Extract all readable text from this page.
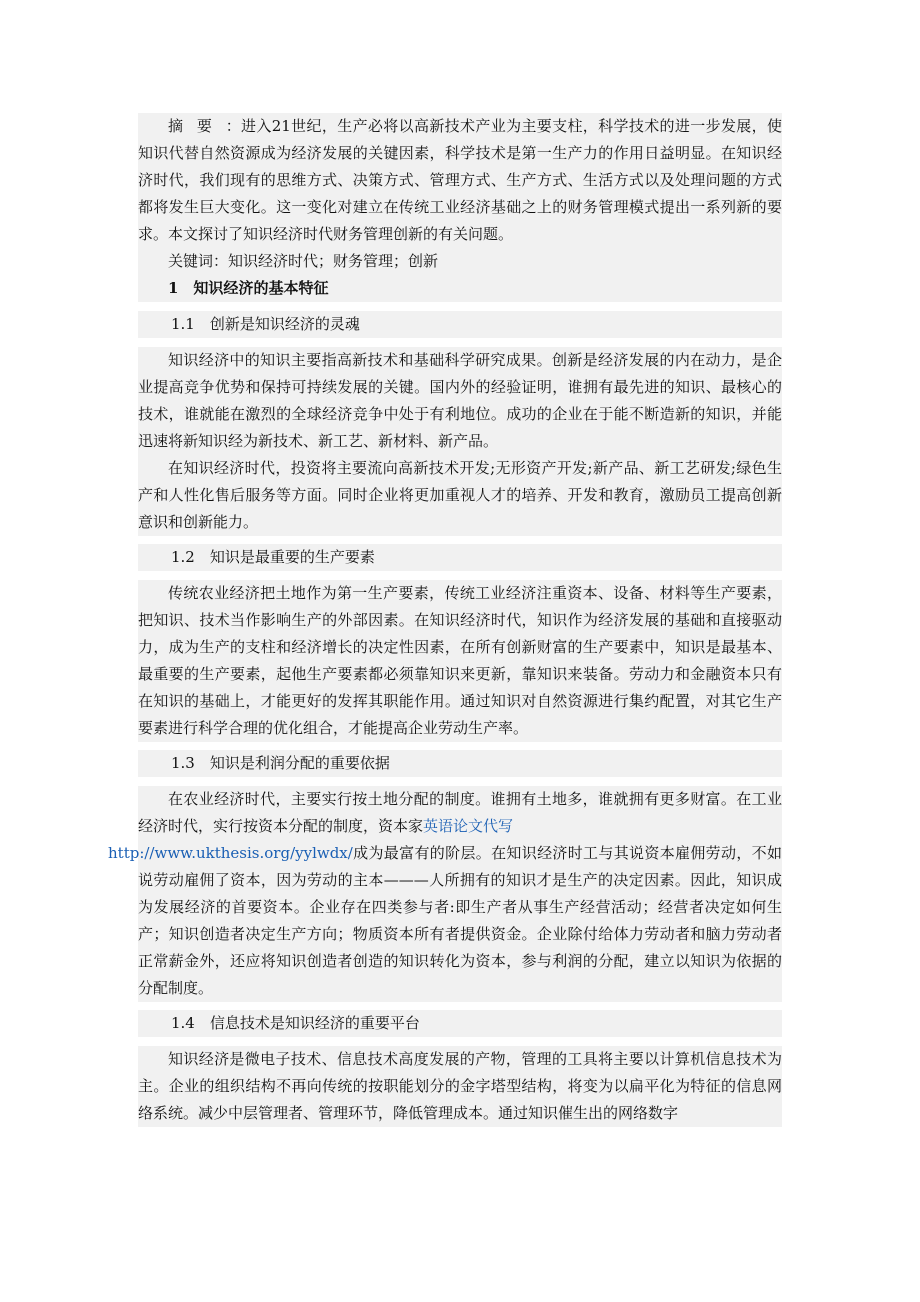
摘要：进入21世纪，生产必将以高新技术产业为主要支柱，科学技术的进一步发展，使知识代替自然资源成为经济发展的关键因素，科学技术是第一生产力的作用日益明显。在知识经济时代，我们现有的思维方式、决策方式、管理方式、生产方式、生活方式以及处理问题的方式都将发生巨大变化。这一变化对建立在传统工业经济基础之上的财务管理模式提出一系列新的要求。本文探讨了知识经济时代财务管理创新的有关问题。

关键词：知识经济时代；财务管理；创新

1　知识经济的基本特征

1.1　创新是知识经济的灵魂

知识经济中的知识主要指高新技术和基础科学研究成果。创新是经济发展的内在动力，是企业提高竞争优势和保持可持续发展的关键。国内外的经验证明，谁拥有最先进的知识、最核心的技术，谁就能在激烈的全球经济竞争中处于有利地位。成功的企业在于能不断造新的知识，并能迅速将新知识经为新技术、新工艺、新材料、新产品。

在知识经济时代，投资将主要流向高新技术开发;无形资产开发;新产品、新工艺研发;绿色生产和人性化售后服务等方面。同时企业将更加重视人才的培养、开发和教育，激励员工提高创新意识和创新能力。

1.2　知识是最重要的生产要素

传统农业经济把土地作为第一生产要素，传统工业经济注重资本、设备、材料等生产要素，把知识、技术当作影响生产的外部因素。在知识经济时代，知识作为经济发展的基础和直接驱动力，成为生产的支柱和经济增长的决定性因素，在所有创新财富的生产要素中，知识是最基本、最重要的生产要素，起他生产要素都必须靠知识来更新，靠知识来装备。劳动力和金融资本只有在知识的基础上，才能更好的发挥其职能作用。通过知识对自然资源进行集约配置，对其它生产要素进行科学合理的优化组合，才能提高企业劳动生产率。

1.3　知识是利润分配的重要依据

在农业经济时代，主要实行按土地分配的制度。谁拥有土地多，谁就拥有更多财富。在工业经济时代，实行按资本分配的制度，资本家英语论文代写
http://www.ukthesis.org/yylwdx/成为最富有的阶层。在知识经济时工与其说资本雇佣劳动，不如说劳动雇佣了资本，因为劳动的主本———人所拥有的知识才是生产的决定因素。因此，知识成为发展经济的首要资本。企业存在四类参与者:即生产者从事生产经营活动；经营者决定如何生产；知识创造者决定生产方向；物质资本所有者提供资金。企业除付给体力劳动者和脑力劳动者正常薪金外，还应将知识创造者创造的知识转化为资本，参与利润的分配，建立以知识为依据的分配制度。

1.4　信息技术是知识经济的重要平台

知识经济是微电子技术、信息技术高度发展的产物，管理的工具将主要以计算机信息技术为主。企业的组织结构不再向传统的按职能划分的金字塔型结构，将变为以扁平化为特征的信息网络系统。减少中层管理者、管理环节，降低管理成本。通过知识催生出的网络数字
